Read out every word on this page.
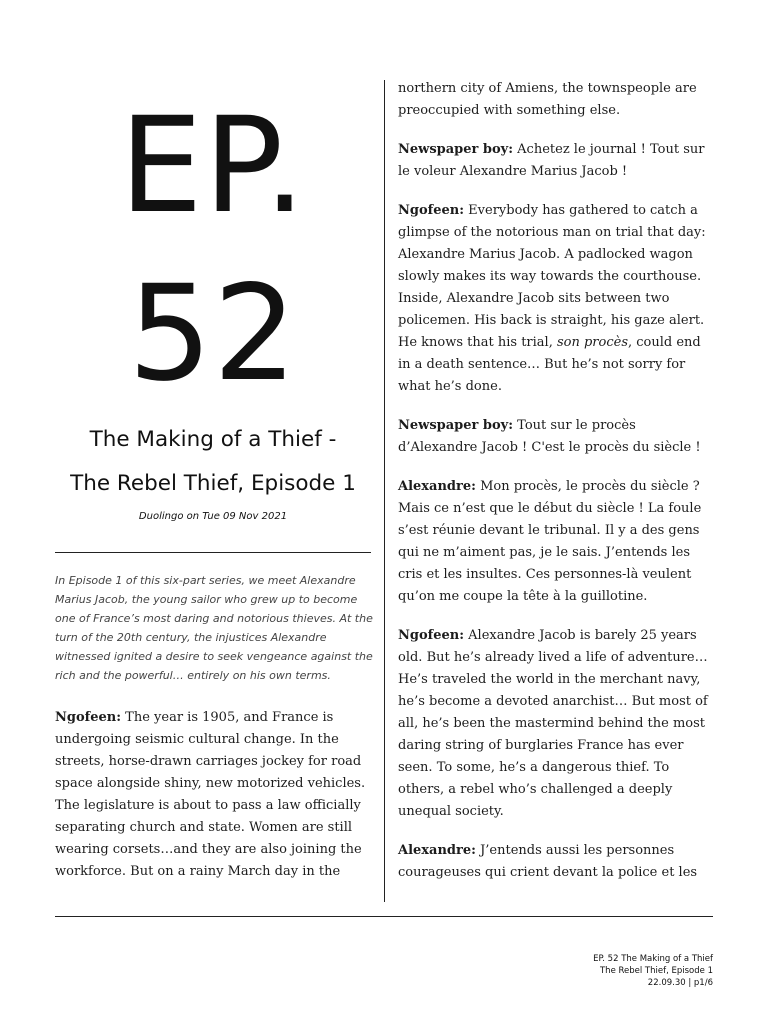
EP.
52
The Making of a Thief -
The Rebel Thief, Episode 1
Duolingo on Tue 09 Nov 2021
In Episode 1 of this six-part series, we meet Alexandre Marius Jacob, the young sailor who grew up to become one of France’s most daring and notorious thieves. At the turn of the 20th century, the injustices Alexandre witnessed ignited a desire to seek vengeance against the rich and the powerful… entirely on his own terms.

Ngofeen: The year is 1905, and France is undergoing seismic cultural change. In the streets, horse-drawn carriages jockey for road space alongside shiny, new motorized vehicles. The legislature is about to pass a law officially separating church and state. Women are still wearing corsets…and they are also joining the workforce. But on a rainy March day in the

northern city of Amiens, the townspeople are preoccupied with something else.

Newspaper boy: Achetez le journal ! Tout sur le voleur Alexandre Marius Jacob !

Ngofeen: Everybody has gathered to catch a glimpse of the notorious man on trial that day: Alexandre Marius Jacob. A padlocked wagon slowly makes its way towards the courthouse. Inside, Alexandre Jacob sits between two policemen. His back is straight, his gaze alert. He knows that his trial, son procès, could end in a death sentence… But he’s not sorry for what he’s done.

Newspaper boy: Tout sur le procès d’Alexandre Jacob ! C'est le procès du siècle !

Alexandre: Mon procès, le procès du siècle ? Mais ce n’est que le début du siècle ! La foule s’est réunie devant le tribunal. Il y a des gens qui ne m’aiment pas, je le sais. J’entends les cris et les insultes. Ces personnes-là veulent qu’on me coupe la tête à la guillotine.

Ngofeen: Alexandre Jacob is barely 25 years old. But he’s already lived a life of adventure… He’s traveled the world in the merchant navy, he’s become a devoted anarchist… But most of all, he’s been the mastermind behind the most daring string of burglaries France has ever seen. To some, he’s a dangerous thief. To others, a rebel who’s challenged a deeply unequal society.

Alexandre: J’entends aussi les personnes courageuses qui crient devant la police et les

EP. 52 The Making of a Thief
The Rebel Thief, Episode 1
22.09.30 | p1/6
